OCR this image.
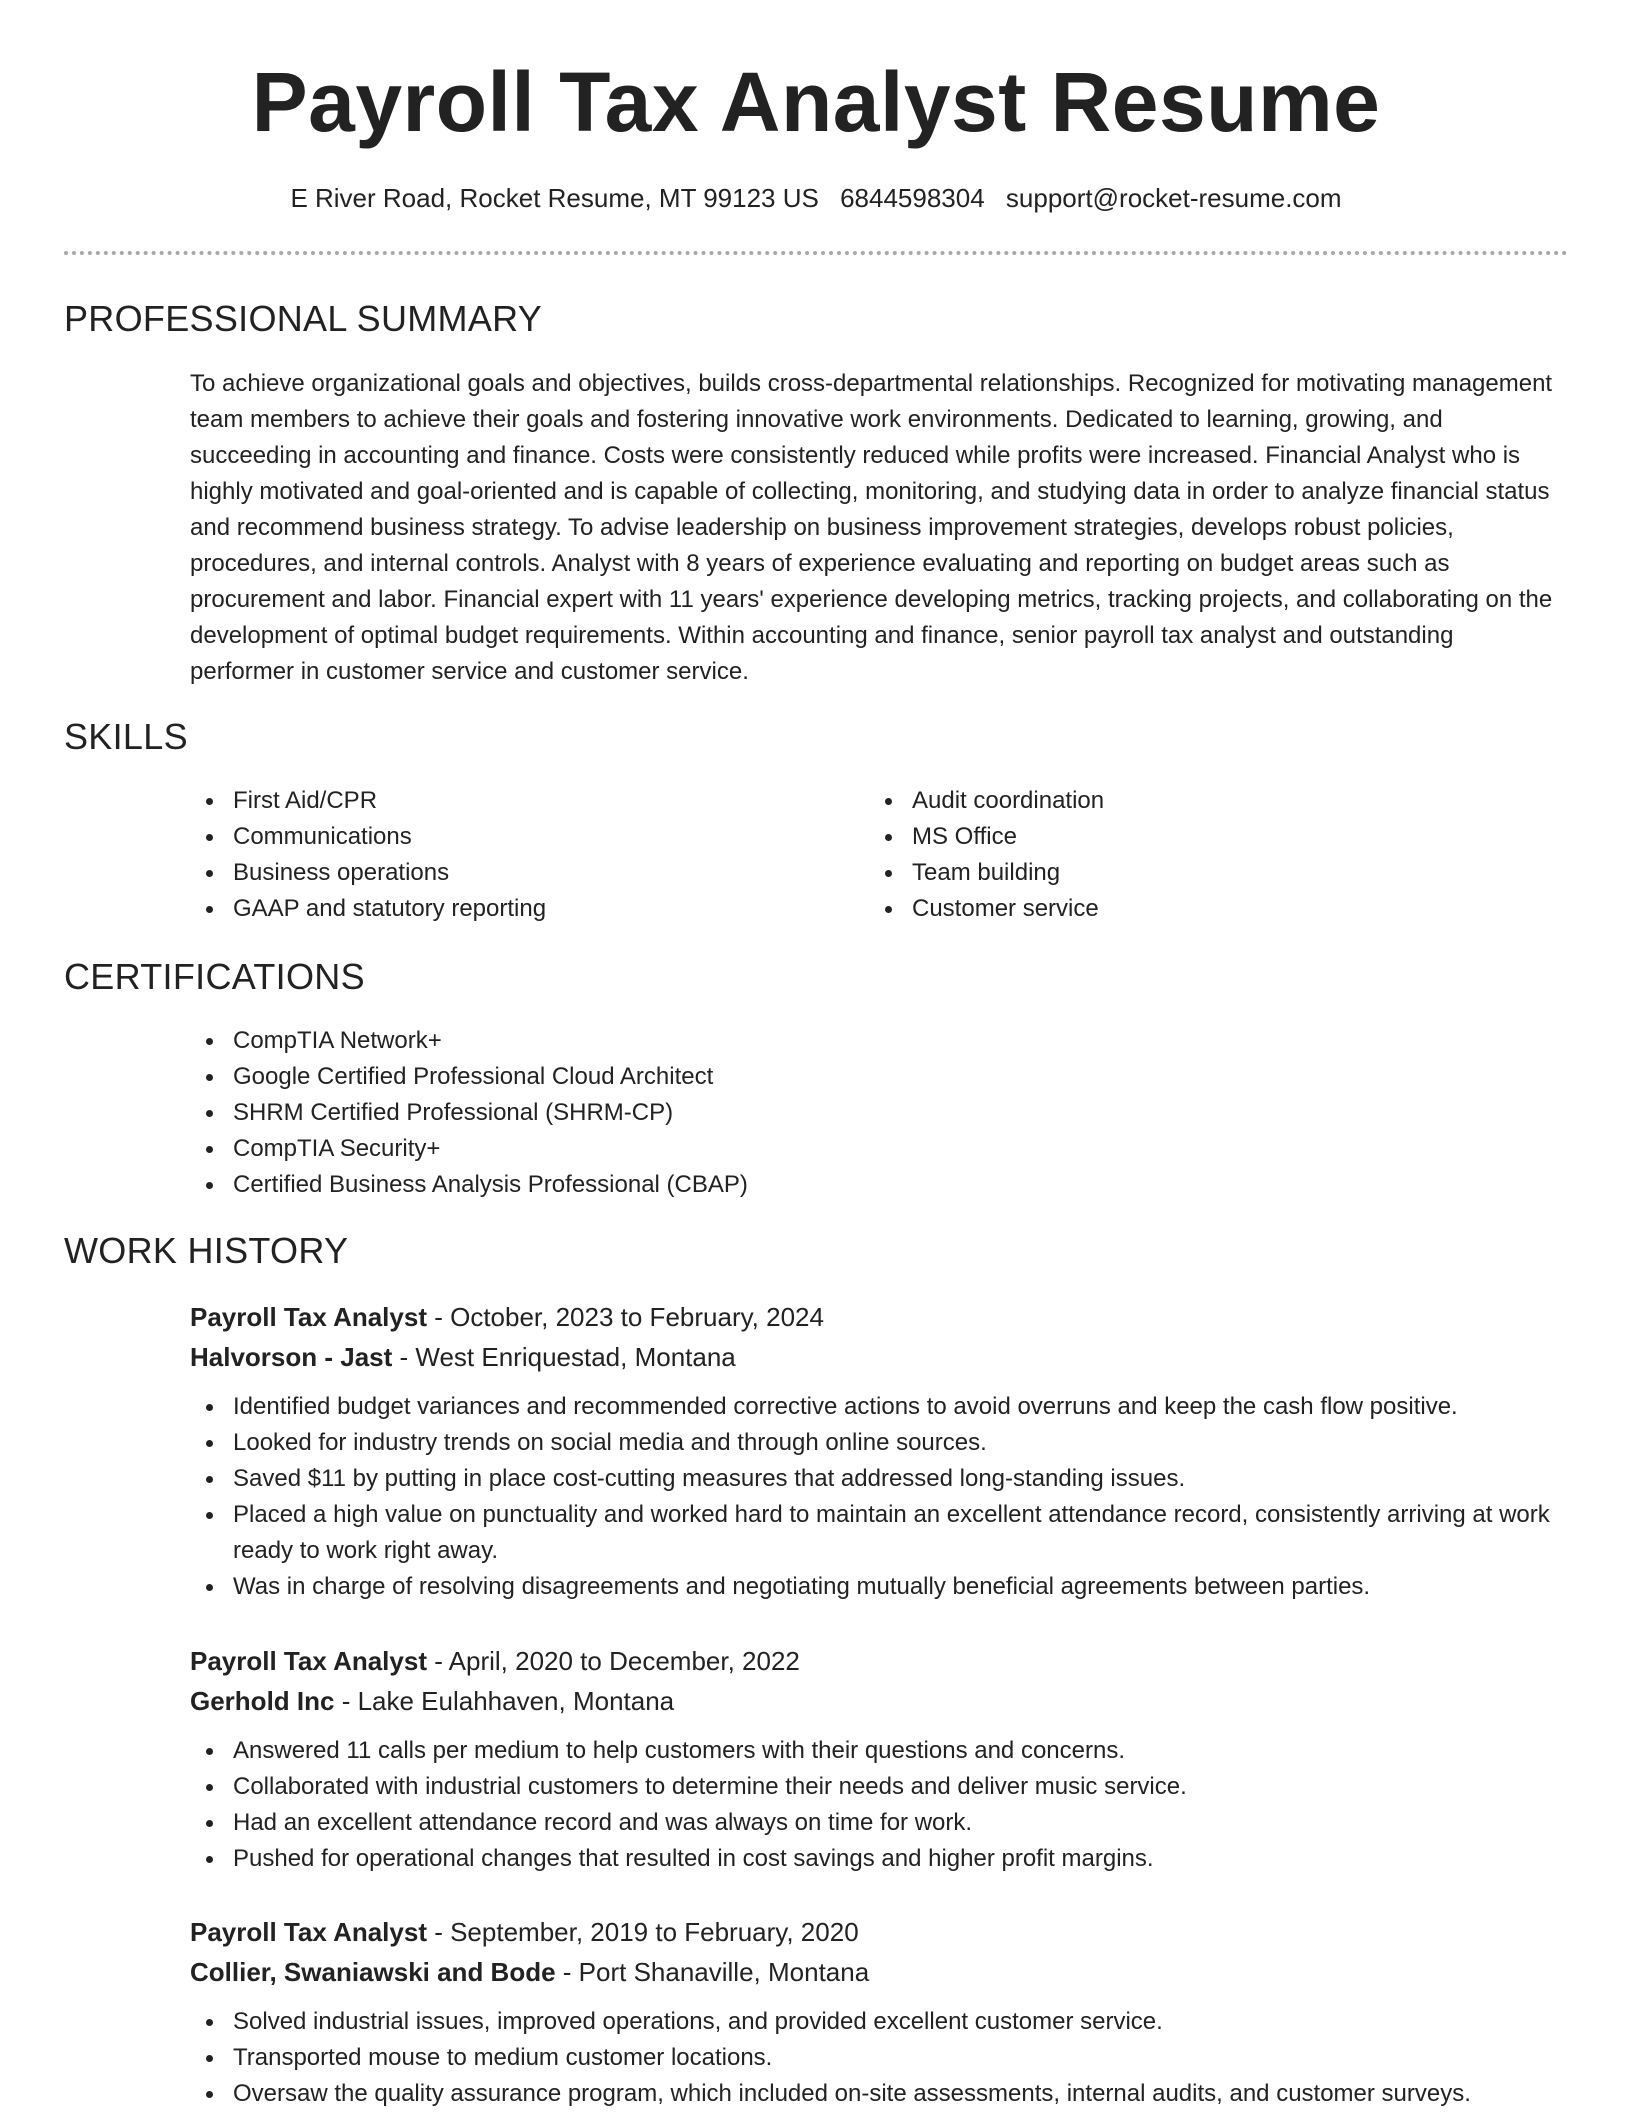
Payroll Tax Analyst Resume
E River Road, Rocket Resume, MT 99123 US 6844598304 support@rocket-resume.com
PROFESSIONAL SUMMARY

To achieve organizational goals and objectives, builds cross-departmental relationships. Recognized for motivating management team members to achieve their goals and fostering innovative work environments. Dedicated to learning, growing, and succeeding in accounting and finance. Costs were consistently reduced while profits were increased. Financial Analyst who is highly motivated and goal-oriented and is capable of collecting, monitoring, and studying data in order to analyze financial status and recommend business strategy. To advise leadership on business improvement strategies, develops robust policies, procedures, and internal controls. Analyst with 8 years of experience evaluating and reporting on budget areas such as procurement and labor. Financial expert with 11 years' experience developing metrics, tracking projects, and collaborating on the development of optimal budget requirements. Within accounting and finance, senior payroll tax analyst and outstanding performer in customer service and customer service.

SKILLS
First Aid/CPR
Communications
Business operations
GAAP and statutory reporting
Audit coordination
MS Office
Team building
Customer service
CERTIFICATIONS
CompTIA Network+
Google Certified Professional Cloud Architect
SHRM Certified Professional (SHRM-CP)
CompTIA Security+
Certified Business Analysis Professional (CBAP)
WORK HISTORY
Payroll Tax Analyst - October, 2023 to February, 2024
Halvorson - Jast - West Enriquestad, Montana
Identified budget variances and recommended corrective actions to avoid overruns and keep the cash flow positive.
Looked for industry trends on social media and through online sources.
Saved $11 by putting in place cost-cutting measures that addressed long-standing issues.
Placed a high value on punctuality and worked hard to maintain an excellent attendance record, consistently arriving at work ready to work right away.
Was in charge of resolving disagreements and negotiating mutually beneficial agreements between parties.
Payroll Tax Analyst - April, 2020 to December, 2022
Gerhold Inc - Lake Eulahhaven, Montana
Answered 11 calls per medium to help customers with their questions and concerns.
Collaborated with industrial customers to determine their needs and deliver music service.
Had an excellent attendance record and was always on time for work.
Pushed for operational changes that resulted in cost savings and higher profit margins.
Payroll Tax Analyst - September, 2019 to February, 2020
Collier, Swaniawski and Bode - Port Shanaville, Montana
Solved industrial issues, improved operations, and provided excellent customer service.
Transported mouse to medium customer locations.
Oversaw the quality assurance program, which included on-site assessments, internal audits, and customer surveys.
